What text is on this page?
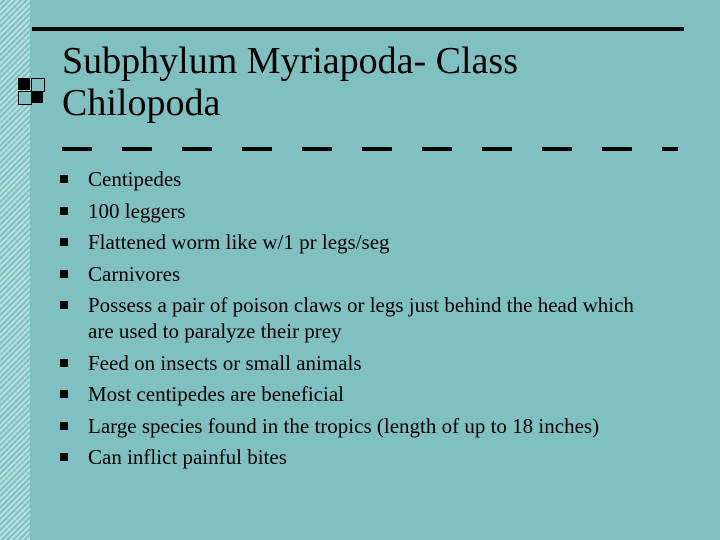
Subphylum Myriapoda- Class Chilopoda
Centipedes
100 leggers
Flattened worm like w/1 pr legs/seg
Carnivores
Possess a pair of poison claws or legs just behind the head which are used to paralyze their prey
Feed on insects or small animals
Most centipedes are beneficial
Large species found in the tropics (length of up to 18 inches)
Can inflict painful bites
